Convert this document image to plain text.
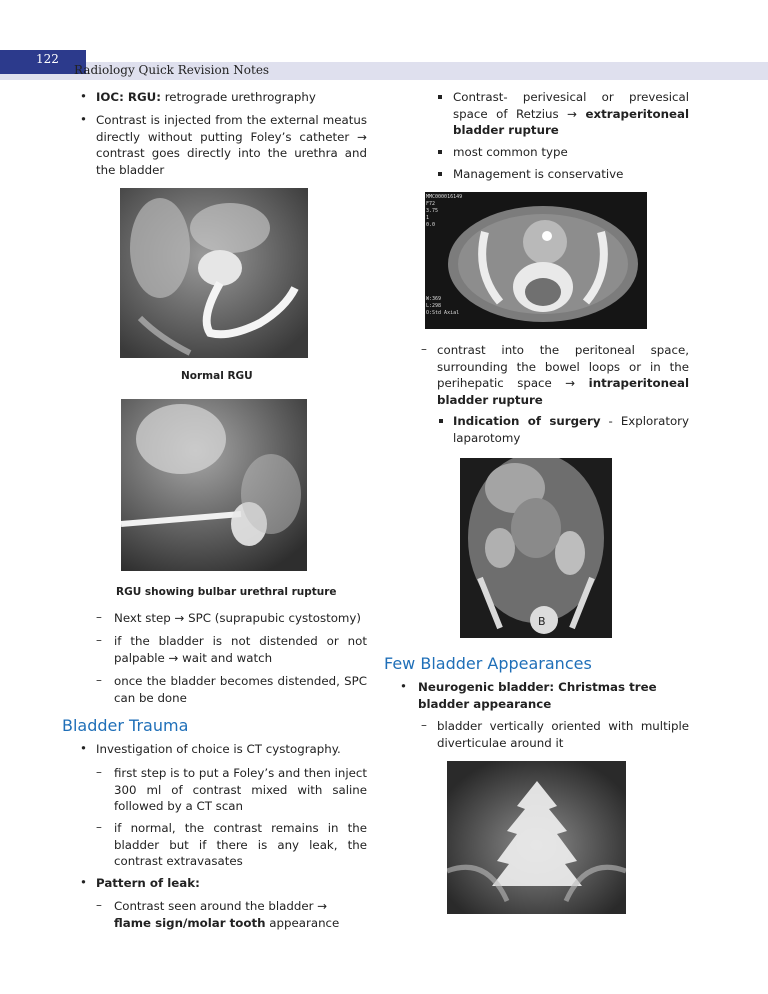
122
Radiology Quick Revision Notes
• IOC: RGU: retrograde urethrography
• Contrast is injected from the external meatus directly without putting Foley’s catheter → contrast goes directly into the urethra and the bladder
Normal RGU
RGU showing bulbar urethral rupture
– Next step → SPC (suprapubic cystostomy)
– if the bladder is not distended or not palpable → wait and watch
– once the bladder becomes distended, SPC can be done
Bladder Trauma
• Investigation of choice is CT cystography.
– first step is to put a Foley’s and then inject 300 ml of contrast mixed with saline followed by a CT scan
– if normal, the contrast remains in the bladder but if there is any leak, the contrast extravasates
• Pattern of leak:
– Contrast seen around the bladder → flame sign/molar tooth appearance
Contrast- perivesical or prevesical space of Retzius → extraperitoneal bladder rupture
most common type
Management is conservative
MMC000016149
F72
3.75
1
0.0
W:369
L:298
O:Std Axial
– contrast into the peritoneal space, surrounding the bowel loops or in the perihepatic space → intraperitoneal bladder rupture
Indication of surgery - Exploratory laparotomy
B
Few Bladder Appearances
• Neurogenic bladder: Christmas tree bladder appearance
– bladder vertically oriented with multiple diverticulae around it
